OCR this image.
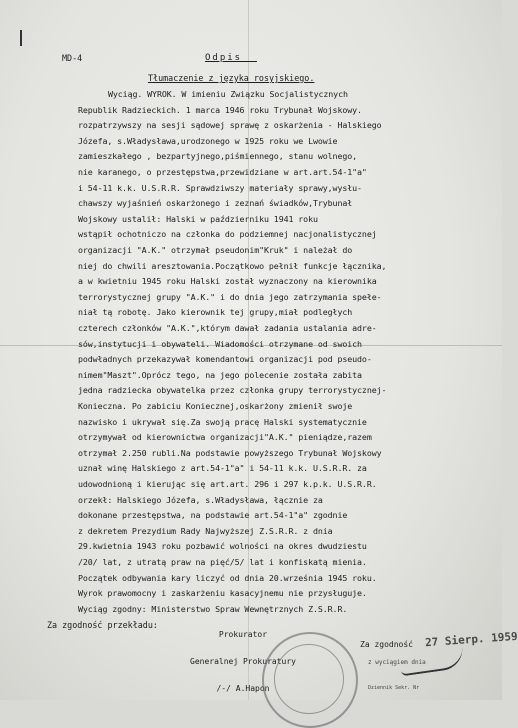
MD-4	Odpis__
Tłumaczenie z języka rosyjskiego.
Wyciąg. WYROK. W imieniu Związku Socjalistycznych
Republik Radzieckich. 1 marca 1946 roku Trybunał Wojskowy.
rozpatrzywszy na sesji sądowej sprawę z oskarżenia - Halskiego
Józefa, s.Władysława,urodzonego w 1925 roku we Lwowie
zamieszkałego , bezpartyjnego,piśmiennego, stanu wolnego,
nie karanego, o przestępstwa,przewidziane w art.art.54-1"a"
i 54-11 k.k. U.S.R.R. Sprawdziwszy materiały sprawy,wysłu-
chawszy wyjaśnień oskarżonego i zeznań świadków,Trybunał
Wojskowy ustalił: Halski w październiku 1941 roku
wstąpił ochotniczo na członka do podziemnej nacjonalistycznej
organizacji "A.K." otrzymał pseudonim"Kruk" i należał do
niej do chwili aresztowania.Początkowo pełnił funkcje łącznika,
a w kwietniu 1945 roku Halski został wyznaczony na kierownika
terrorystycznej grupy "A.K." i do dnia jego zatrzymania spełe-
niał tą robotę. Jako kierownik tej grupy,miał podległych
czterech członków "A.K.",którym dawał zadania ustalania adre-
sów,instytucji i obywateli. Wiadomości otrzymane od swoich
podwładnych przekazywał komendantowi organizacji pod pseudo-
nimem"Maszt".Oprócz tego, na jego polecenie została zabita
jedna radziecka obywatelka przez członka grupy terrorystycznej-
Konieczna. Po zabiciu Koniecznej,oskarżony zmienił swoje
nazwisko i ukrywał się.Za swoją pracę Halski systematycznie
otrzymywał od kierownictwa organizacji"A.K." pieniądze,razem
otrzymał 2.250 rubli.Na podstawie powyższego Trybunał Wojskowy
uznał winę Halskiego z art.54-1"a" i 54-11 k.k. U.S.R.R. za
udowodnioną i kierując się art.art. 296 i 297 k.p.k. U.S.R.R.
orzekł: Halskiego Józefa, s.Władysława, łącznie za
dokonane przestępstwa, na podstawie art.54-1"a" zgodnie
z dekretem Prezydium Rady Najwyższej Z.S.R.R. z dnia
29.kwietnia 1943 roku pozbawić wolności na okres dwudziestu
/20/ lat, z utratą praw na pięć/5/ lat i konfiskatą mienia.
Początek odbywania kary liczyć od dnia 20.września 1945 roku.
Wyrok prawomocny i zaskarżeniu kasacyjnemu nie przysługuje.
Wyciąg zgodny: Ministerstwo Spraw Wewnętrznych Z.S.R.R.
Za zgodność przekładu:

Prokurator

Generalnej Prokuratury

/-/ A.Hapon

Za zgodność 27 Sierp. 1959
z wyciągiem dnia
Dziennik Sekr. Nr
